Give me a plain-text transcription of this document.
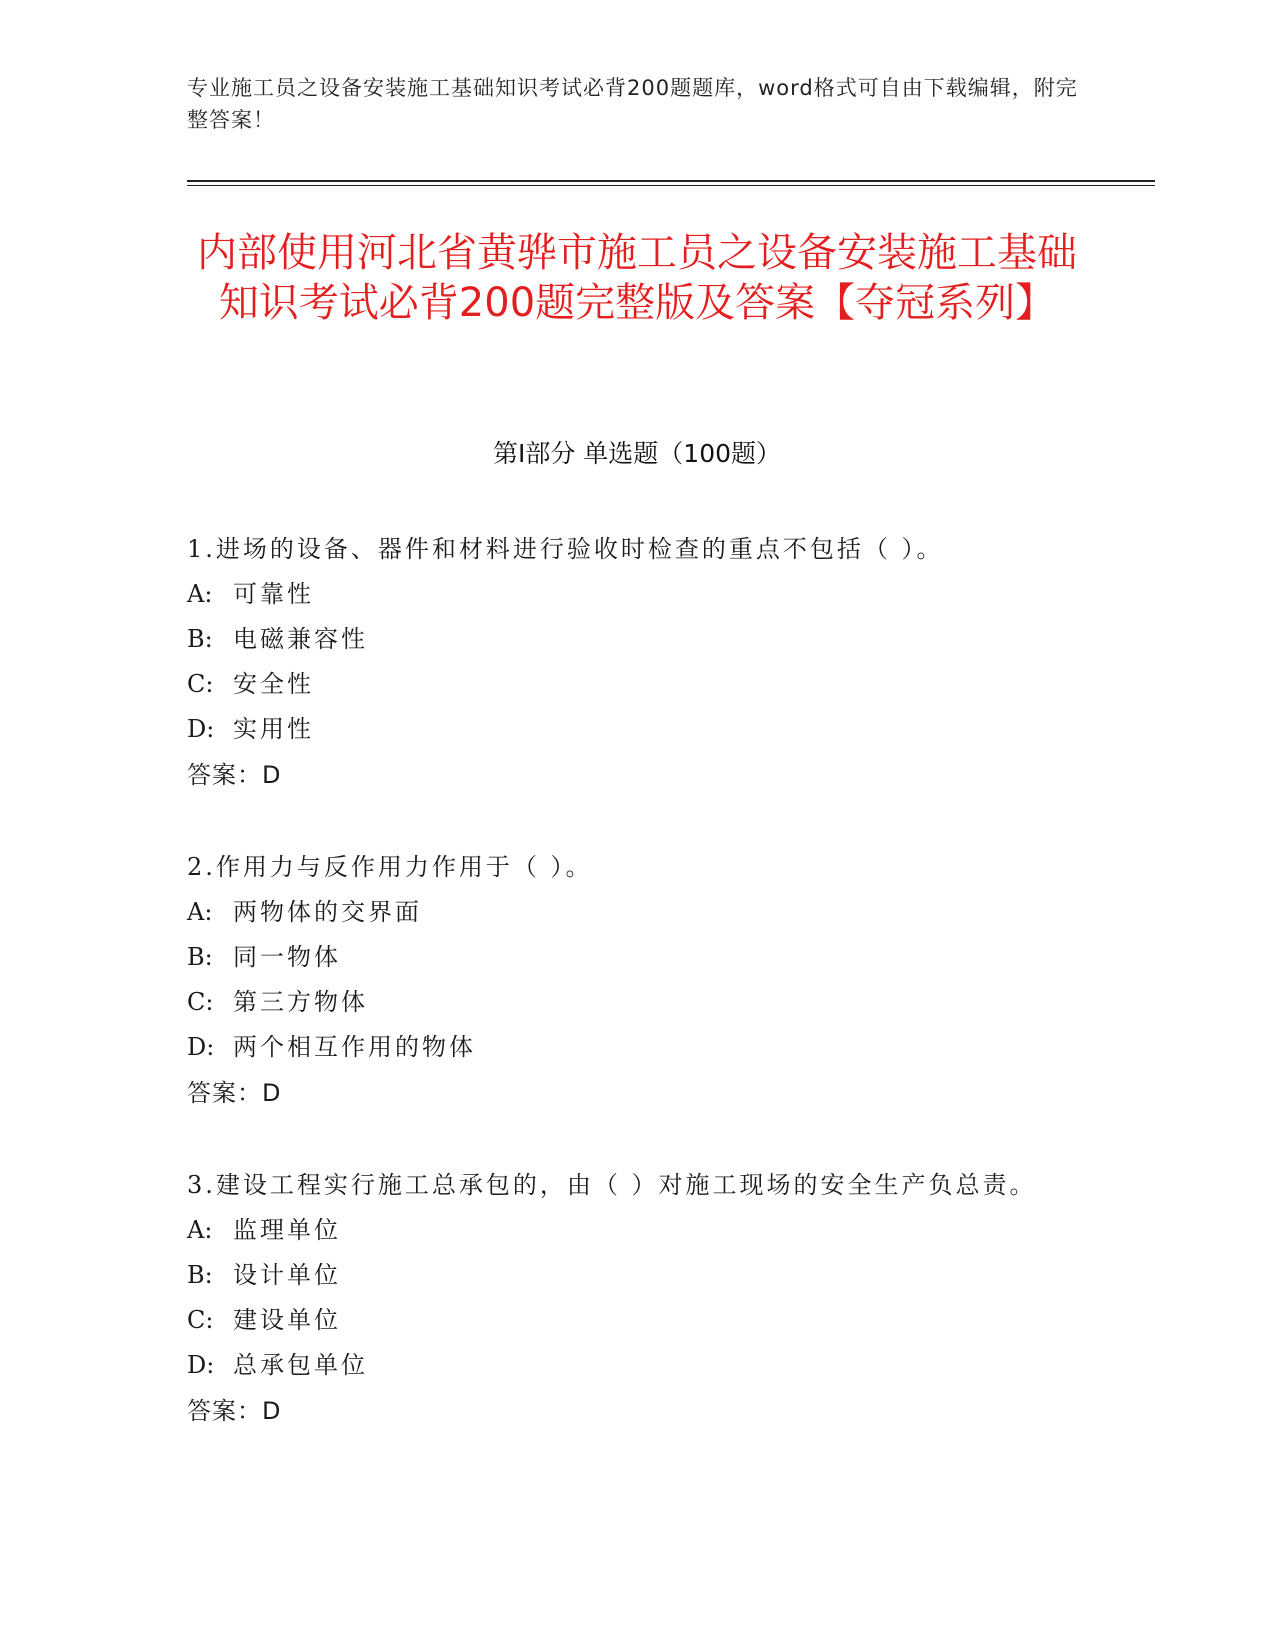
专业施工员之设备安装施工基础知识考试必背200题题库，word格式可自由下载编辑，附完整答案！
内部使用河北省黄骅市施工员之设备安装施工基础知识考试必背200题完整版及答案【夺冠系列】
第Ⅰ部分 单选题（100题）
1.进场的设备、器件和材料进行验收时检查的重点不包括（ ）。
A: 可靠性
B: 电磁兼容性
C: 安全性
D: 实用性
答案：D
2.作用力与反作用力作用于（ ）。
A: 两物体的交界面
B: 同一物体
C: 第三方物体
D: 两个相互作用的物体
答案：D
3.建设工程实行施工总承包的，由（ ）对施工现场的安全生产负总责。
A: 监理单位
B: 设计单位
C: 建设单位
D: 总承包单位
答案：D
